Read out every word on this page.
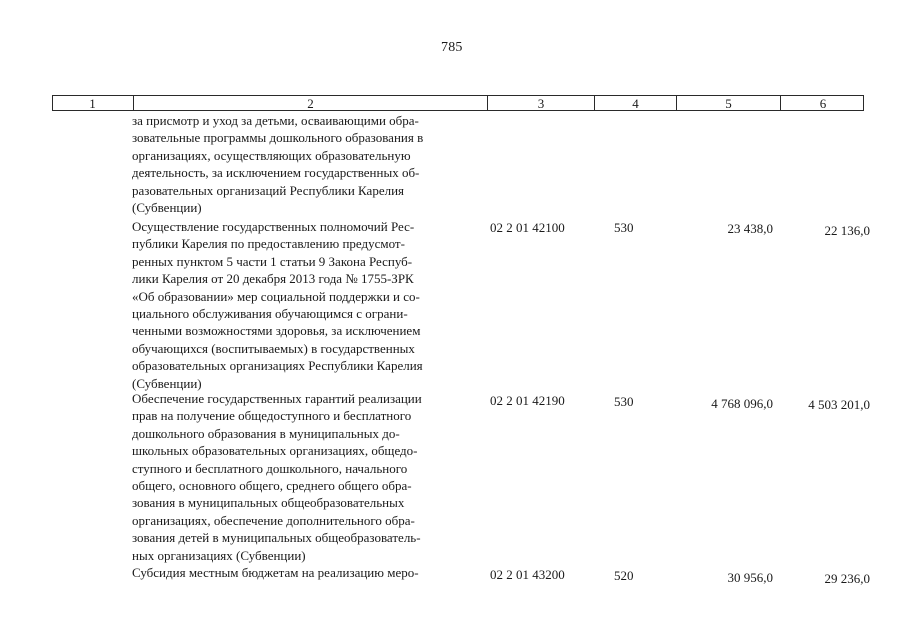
785
1	2	3	4	5	6
за присмотр и уход за детьми, осваивающими обра-
зовательные программы дошкольного образования в
организациях, осуществляющих образовательную
деятельность, за исключением государственных об-
разовательных организаций Республики Карелия
(Субвенции)
Осуществление государственных полномочий Рес-
публики Карелия по предоставлению предусмот-
ренных пунктом 5 части 1 статьи 9 Закона Респуб-
лики Карелия от 20 декабря 2013 года № 1755-ЗРК
«Об образовании» мер социальной поддержки и со-
циального обслуживания обучающимся с ограни-
ченными возможностями здоровья, за исключением
обучающихся (воспитываемых) в государственных
образовательных организациях Республики Карелия
(Субвенции)
02 2 01 42100	530	23 438,0	22 136,0
Обеспечение государственных гарантий реализации
прав на получение общедоступного и бесплатного
дошкольного образования в муниципальных до-
школьных образовательных организациях, общедо-
ступного и бесплатного дошкольного, начального
общего, основного общего, среднего общего обра-
зования в муниципальных общеобразовательных
организациях, обеспечение дополнительного обра-
зования детей в муниципальных общеобразователь-
ных организациях (Субвенции)
02 2 01 42190	530	4 768 096,0	4 503 201,0
Субсидия местным бюджетам на реализацию меро-	02 2 01 43200	520	30 956,0	29 236,0
